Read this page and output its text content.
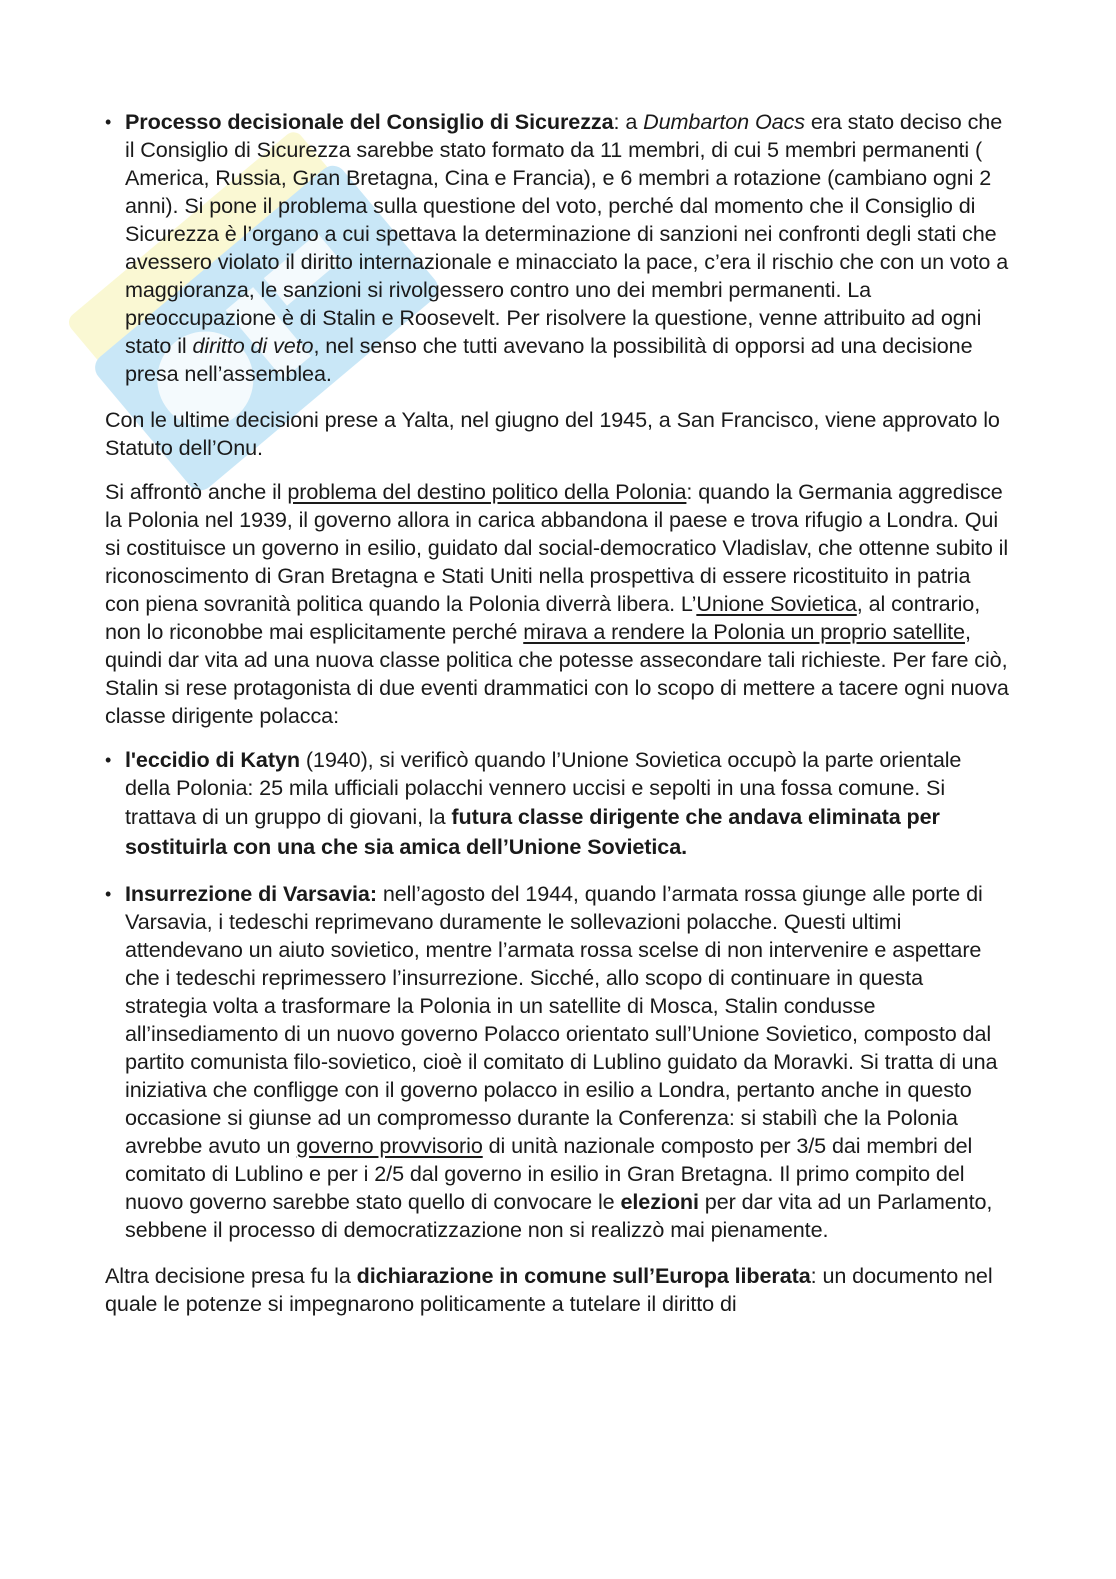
• Processo decisionale del Consiglio di Sicurezza: a Dumbarton Oacs era stato deciso che il Consiglio di Sicurezza sarebbe stato formato da 11 membri, di cui 5 membri permanenti ( America, Russia, Gran Bretagna, Cina e Francia), e 6 membri a rotazione (cambiano ogni 2 anni). Si pone il problema sulla questione del voto, perché dal momento che il Consiglio di Sicurezza è l’organo a cui spettava la determinazione di sanzioni nei confronti degli stati che avessero violato il diritto internazionale e minacciato la pace, c’era il rischio che con un voto a maggioranza, le sanzioni si rivolgessero contro uno dei membri permanenti. La preoccupazione è di Stalin e Roosevelt. Per risolvere la questione, venne attribuito ad ogni stato il diritto di veto, nel senso che tutti avevano la possibilità di opporsi ad una decisione presa nell’assemblea.

Con le ultime decisioni prese a Yalta, nel giugno del 1945, a San Francisco, viene approvato lo Statuto dell’Onu.

Si affrontò anche il problema del destino politico della Polonia: quando la Germania aggredisce la Polonia nel 1939, il governo allora in carica abbandona il paese e trova rifugio a Londra. Qui si costituisce un governo in esilio, guidato dal social-democratico Vladislav, che ottenne subito il riconoscimento di Gran Bretagna e Stati Uniti nella prospettiva di essere ricostituito in patria con piena sovranità politica quando la Polonia diverrà libera. L’Unione Sovietica, al contrario, non lo riconobbe mai esplicitamente perché mirava a rendere la Polonia un proprio satellite, quindi dar vita ad una nuova classe politica che potesse assecondare tali richieste. Per fare ciò, Stalin si rese protagonista di due eventi drammatici con lo scopo di mettere a tacere ogni nuova classe dirigente polacca:

• l'eccidio di Katyn (1940), si verificò quando l’Unione Sovietica occupò la parte orientale della Polonia: 25 mila ufficiali polacchi vennero uccisi e sepolti in una fossa comune. Si trattava di un gruppo di giovani, la futura classe dirigente che andava eliminata per sostituirla con una che sia amica dell’Unione Sovietica.
• Insurrezione di Varsavia: nell’agosto del 1944, quando l’armata rossa giunge alle porte di Varsavia, i tedeschi reprimevano duramente le sollevazioni polacche. Questi ultimi attendevano un aiuto sovietico, mentre l’armata rossa scelse di non intervenire e aspettare che i tedeschi reprimessero l’insurrezione. Sicché, allo scopo di continuare in questa strategia volta a trasformare la Polonia in un satellite di Mosca, Stalin condusse all’insediamento di un nuovo governo Polacco orientato sull’Unione Sovietico, composto dal partito comunista filo-sovietico, cioè il comitato di Lublino guidato da Moravki. Si tratta di una iniziativa che confligge con il governo polacco in esilio a Londra, pertanto anche in questo occasione si giunse ad un compromesso durante la Conferenza: si stabilì che la Polonia avrebbe avuto un governo provvisorio di unità nazionale composto per 3/5 dai membri del comitato di Lublino e per i 2/5 dal governo in esilio in Gran Bretagna. Il primo compito del nuovo governo sarebbe stato quello di convocare le elezioni per dar vita ad un Parlamento, sebbene il processo di democratizzazione non si realizzò mai pienamente.

Altra decisione presa fu la dichiarazione in comune sull’Europa liberata: un documento nel quale le potenze si impegnarono politicamente a tutelare il diritto di
